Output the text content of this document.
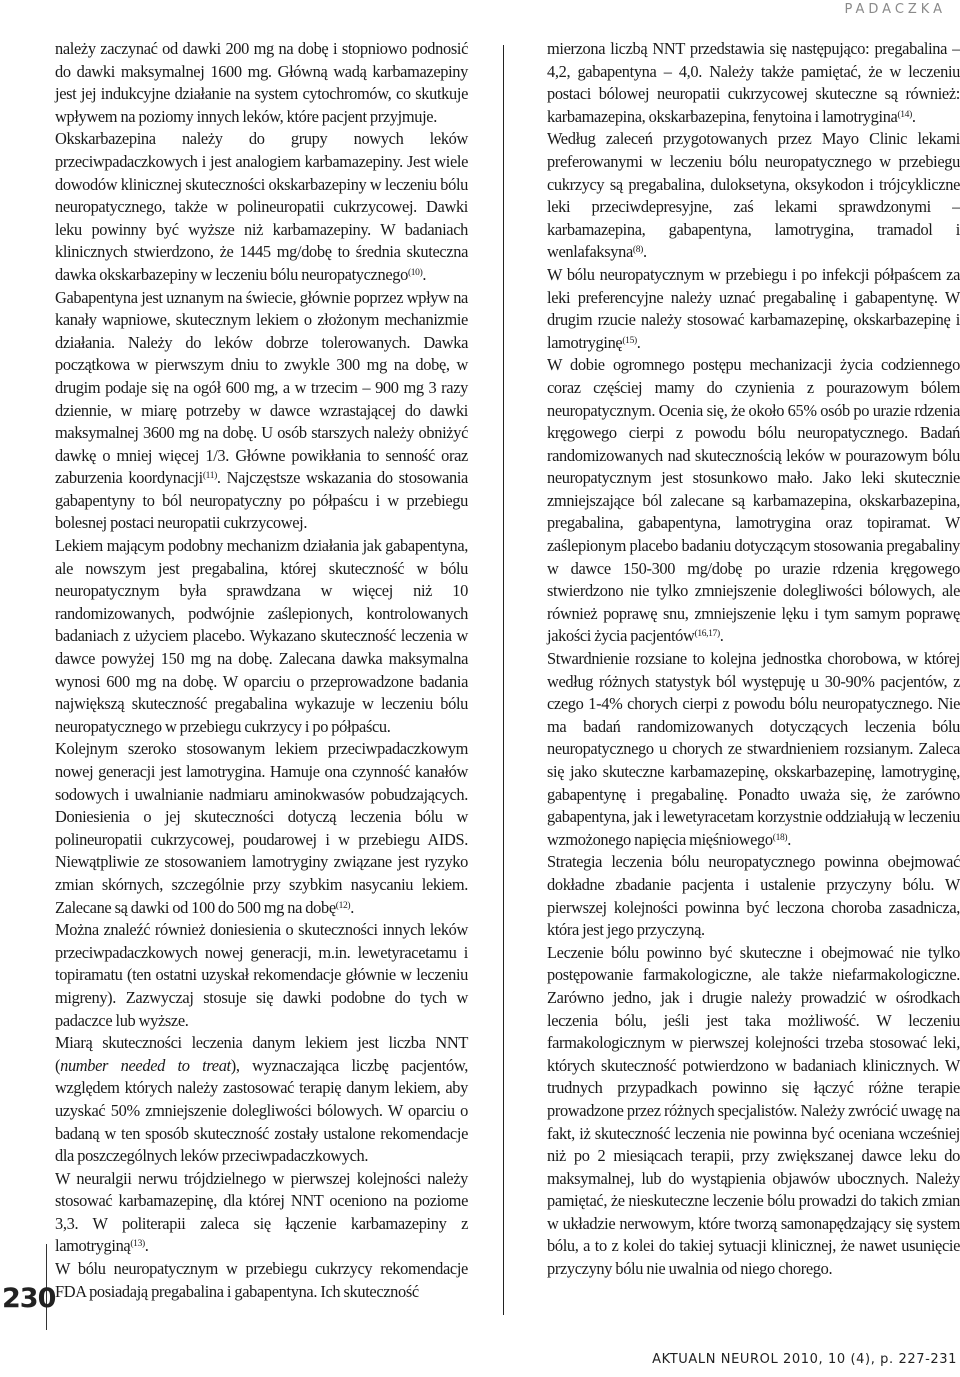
PADACZKA
230

należy zaczynać od dawki 200 mg na dobę i stopniowo podnosić do dawki maksymalnej 1600 mg. Główną wadą karbamazepiny jest jej indukcyjne działanie na system cytochromów, co skutkuje wpływem na poziomy innych leków, które pacjent przyjmuje.

Okskarbazepina należy do grupy nowych leków przeciwpadaczkowych i jest analogiem karbamazepiny. Jest wiele dowodów klinicznej skuteczności okskarbazepiny w leczeniu bólu neuropatycznego, także w polineuropatii cukrzycowej. Dawki leku powinny być wyższe niż karbamazepiny. W badaniach klinicznych stwierdzono, że 1445 mg/dobę to średnia skuteczna dawka okskarbazepiny w leczeniu bólu neuropatycznego$^{(10)}$.

Gabapentyna jest uznanym na świecie, głównie poprzez wpływ na kanały wapniowe, skutecznym lekiem o złożonym mechanizmie działania. Należy do leków dobrze tolerowanych. Dawka początkowa w pierwszym dniu to zwykle 300 mg na dobę, w drugim podaje się na ogół 600 mg, a w trzecim – 900 mg 3 razy dziennie, w miarę potrzeby w dawce wzrastającej do dawki maksymalnej 3600 mg na dobę. U osób starszych należy obniżyć dawkę o mniej więcej 1/3. Główne powikłania to senność oraz zaburzenia koordynacji$^{(11)}$. Najczęstsze wskazania do stosowania gabapentyny to ból neuropatyczny po półpaścu i w przebiegu bolesnej postaci neuropatii cukrzycowej.

Lekiem mającym podobny mechanizm działania jak gabapentyna, ale nowszym jest pregabalina, której skuteczność w bólu neuropatycznym była sprawdzana w więcej niż 10 randomizowanych, podwójnie zaślepionych, kontrolowanych badaniach z użyciem placebo. Wykazano skuteczność leczenia w dawce powyżej 150 mg na dobę. Zalecana dawka maksymalna wynosi 600 mg na dobę. W oparciu o przeprowadzone badania największą skuteczność pregabalina wykazuje w leczeniu bólu neuropatycznego w przebiegu cukrzycy i po półpaścu.

Kolejnym szeroko stosowanym lekiem przeciwpadaczkowym nowej generacji jest lamotrygina. Hamuje ona czynność kanałów sodowych i uwalnianie nadmiaru aminokwasów pobudzających. Doniesienia o jej skuteczności dotyczą leczenia bólu w polineuropatii cukrzycowej, poudarowej i w przebiegu AIDS. Niewątpliwie ze stosowaniem lamotryginy związane jest ryzyko zmian skórnych, szczególnie przy szybkim nasycaniu lekiem. Zalecane są dawki od 100 do 500 mg na dobę$^{(12)}$.

Można znaleźć również doniesienia o skuteczności innych leków przeciwpadaczkowych nowej generacji, m.in. lewetyracetamu i topiramatu (ten ostatni uzyskał rekomendacje głównie w leczeniu migreny). Zazwyczaj stosuje się dawki podobne do tych w padaczce lub wyższe.

Miarą skuteczności leczenia danym lekiem jest liczba NNT (number needed to treat), wyznaczająca liczbę pacjentów, względem których należy zastosować terapię danym lekiem, aby uzyskać 50% zmniejszenie dolegliwości bólowych. W oparciu o badaną w ten sposób skuteczność zostały ustalone rekomendacje dla poszczególnych leków przeciwpadaczkowych.

W neuralgii nerwu trójdzielnego w pierwszej kolejności należy stosować karbamazepinę, dla której NNT oceniono na poziome 3,3. W politerapii zaleca się łączenie karbamazepiny z lamotryginą$^{(13)}$.

W bólu neuropatycznym w przebiegu cukrzycy rekomendacje FDA posiadają pregabalina i gabapentyna. Ich skuteczność

mierzona liczbą NNT przedstawia się następująco: pregabalina – 4,2, gabapentyna – 4,0. Należy także pamiętać, że w leczeniu postaci bólowej neuropatii cukrzycowej skuteczne są również: karbamazepina, okskarbazepina, fenytoina i lamotrygina$^{(14)}$.

Według zaleceń przygotowanych przez Mayo Clinic lekami preferowanymi w leczeniu bólu neuropatycznego w przebiegu cukrzycy są pregabalina, duloksetyna, oksykodon i trójcykliczne leki przeciwdepresyjne, zaś lekami sprawdzonymi – karbamazepina, gabapentyna, lamotrygina, tramadol i wenlafaksyna$^{(8)}$.

W bólu neuropatycznym w przebiegu i po infekcji półpaścem za leki preferencyjne należy uznać pregabalinę i gabapentynę. W drugim rzucie należy stosować karbamazepinę, okskarbazepinę i lamotryginę$^{(15)}$.

W dobie ogromnego postępu mechanizacji życia codziennego coraz częściej mamy do czynienia z pourazowym bólem neuropatycznym. Ocenia się, że około 65% osób po urazie rdzenia kręgowego cierpi z powodu bólu neuropatycznego. Badań randomizowanych nad skutecznością leków w pourazowym bólu neuropatycznym jest stosunkowo mało. Jako leki skutecznie zmniejszające ból zalecane są karbamazepina, okskarbazepina, pregabalina, gabapentyna, lamotrygina oraz topiramat. W zaślepionym placebo badaniu dotyczącym stosowania pregabaliny w dawce 150-300 mg/dobę po urazie rdzenia kręgowego stwierdzono nie tylko zmniejszenie dolegliwości bólowych, ale również poprawę snu, zmniejszenie lęku i tym samym poprawę jakości życia pacjentów$^{(16,17)}$.

Stwardnienie rozsiane to kolejna jednostka chorobowa, w której według różnych statystyk ból występuję u 30-90% pacjentów, z czego 1-4% chorych cierpi z powodu bólu neuropatycznego. Nie ma badań randomizowanych dotyczących leczenia bólu neuropatycznego u chorych ze stwardnieniem rozsianym. Zaleca się jako skuteczne karbamazepinę, okskarbazepinę, lamotryginę, gabapentynę i pregabalinę. Ponadto uważa się, że zarówno gabapentyna, jak i lewetyracetam korzystnie oddziałują w leczeniu wzmożonego napięcia mięśniowego$^{(18)}$.

Strategia leczenia bólu neuropatycznego powinna obejmować dokładne zbadanie pacjenta i ustalenie przyczyny bólu. W pierwszej kolejności powinna być leczona choroba zasadnicza, która jest jego przyczyną.

Leczenie bólu powinno być skuteczne i obejmować nie tylko postępowanie farmakologiczne, ale także niefarmakologiczne. Zarówno jedno, jak i drugie należy prowadzić w ośrodkach leczenia bólu, jeśli jest taka możliwość. W leczeniu farmakologicznym w pierwszej kolejności trzeba stosować leki, których skuteczność potwierdzono w badaniach klinicznych. W trudnych przypadkach powinno się łączyć różne terapie prowadzone przez różnych specjalistów. Należy zwrócić uwagę na fakt, iż skuteczność leczenia nie powinna być oceniana wcześniej niż po 2 miesiącach terapii, przy zwiększanej dawce leku do maksymalnej, lub do wystąpienia objawów ubocznych. Należy pamiętać, że nieskuteczne leczenie bólu prowadzi do takich zmian w układzie nerwowym, które tworzą samonapędzający się system bólu, a to z kolei do takiej sytuacji klinicznej, że nawet usunięcie przyczyny bólu nie uwalnia od niego chorego.

AKTUALN NEUROL 2010, 10 (4), p. 227-231
